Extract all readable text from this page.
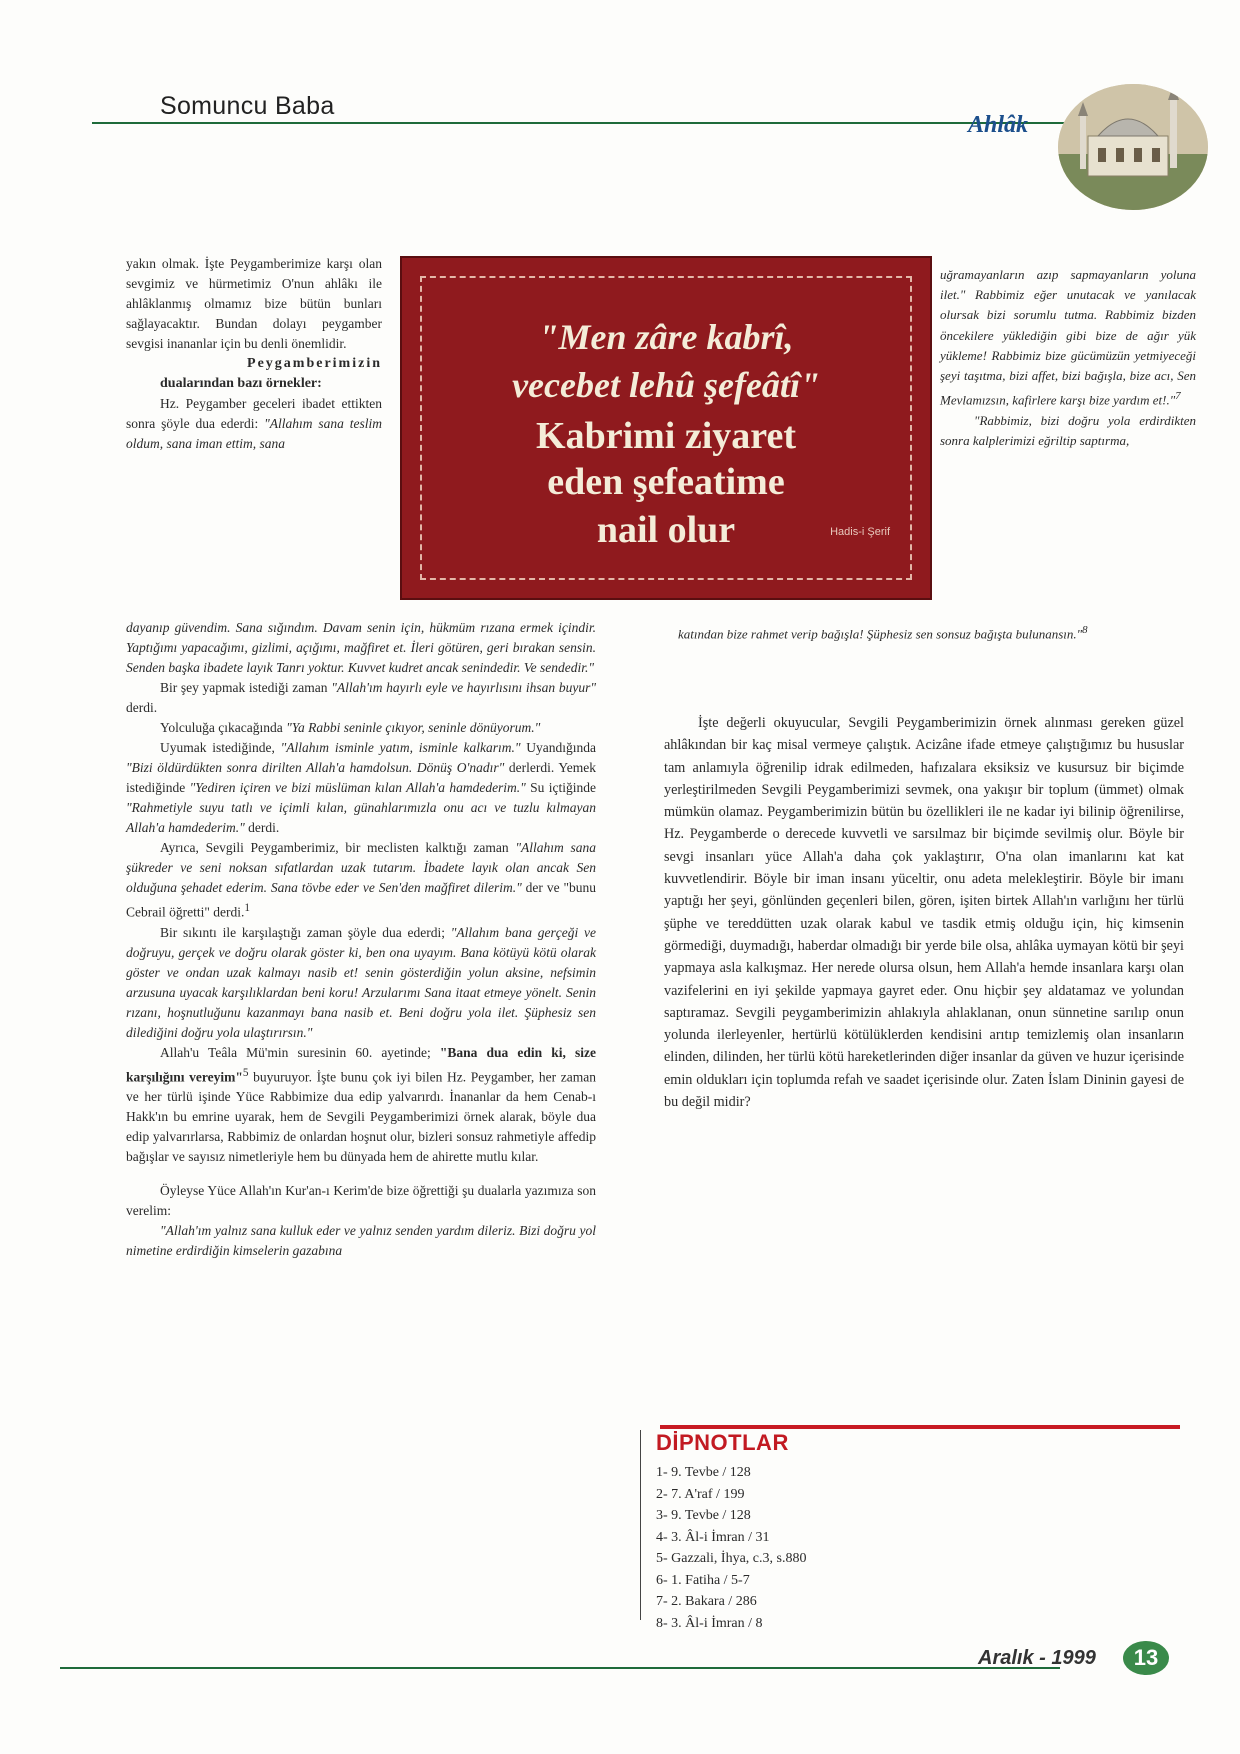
Somuncu Baba
Ahlâk

yakın olmak. İşte Peygamberimize karşı olan sevgimiz ve hürmetimiz O'nun ahlâkı ile ahlâklanmış olmamız bize bütün bunları sağlayacaktır. Bundan dolayı peygamber sevgisi inananlar için bu denli önemlidir.

Peygamberimizin

dualarından bazı örnekler:

Hz. Peygamber geceleri ibadet ettikten sonra şöyle dua ederdi: "Allahım sana teslim oldum, sana iman ettim, sana

"Men zâre kabrî,
vecebet lehû şefeâtî"
Kabrimi ziyaret
eden şefeatime
nail olur	Hadis-i Şerif

uğramayanların azıp sapmayanların yoluna ilet." Rabbimiz eğer unutacak ve yanılacak olursak bizi sorumlu tutma. Rabbimiz bizden öncekilere yüklediğin gibi bize de ağır yük yükleme! Rabbimiz bize gücümüzün yetmiyeceği şeyi taşıtma, bizi affet, bizi bağışla, bize acı, Sen Mevlamızsın, kafirlere karşı bize yardım et!."$^7$

"Rabbimiz, bizi doğru yola erdirdikten sonra kalplerimizi eğriltip saptırma,

katından bize rahmet verip bağışla! Şüphesiz sen sonsuz bağışta bulunansın."$^8$

dayanıp güvendim. Sana sığındım. Davam senin için, hükmüm rızana ermek içindir. Yaptığımı yapacağımı, gizlimi, açığımı, mağfiret et. İleri götüren, geri bırakan sensin. Senden başka ibadete layık Tanrı yoktur. Kuvvet kudret ancak senindedir. Ve sendedir."

Bir şey yapmak istediği zaman "Allah'ım hayırlı eyle ve hayırlısını ihsan buyur" derdi.

Yolculuğa çıkacağında "Ya Rabbi seninle çıkıyor, seninle dönüyorum."

Uyumak istediğinde, "Allahım isminle yatım, isminle kalkarım." Uyandığında "Bizi öldürdükten sonra dirilten Allah'a hamdolsun. Dönüş O'nadır" derlerdi. Yemek istediğinde "Yediren içiren ve bizi müslüman kılan Allah'a hamdederim." Su içtiğinde "Rahmetiyle suyu tatlı ve içimli kılan, günahlarımızla onu acı ve tuzlu kılmayan Allah'a hamdederim." derdi.

Ayrıca, Sevgili Peygamberimiz, bir meclisten kalktığı zaman "Allahım sana şükreder ve seni noksan sıfatlardan uzak tutarım. İbadete layık olan ancak Sen olduğuna şehadet ederim. Sana tövbe eder ve Sen'den mağfiret dilerim." der ve "bunu Cebrail öğretti" derdi.$^1$

Bir sıkıntı ile karşılaştığı zaman şöyle dua ederdi; "Allahım bana gerçeği ve doğruyu, gerçek ve doğru olarak göster ki, ben ona uyayım. Bana kötüyü kötü olarak göster ve ondan uzak kalmayı nasib et! senin gösterdiğin yolun aksine, nefsimin arzusuna uyacak karşılıklardan beni koru! Arzularımı Sana itaat etmeye yönelt. Senin rızanı, hoşnutluğunu kazanmayı bana nasib et. Beni doğru yola ilet. Şüphesiz sen dilediğini doğru yola ulaştırırsın."

Allah'u Teâla Mü'min suresinin 60. ayetinde; "Bana dua edin ki, size karşılığını vereyim"$^5$ buyuruyor. İşte bunu çok iyi bilen Hz. Peygamber, her zaman ve her türlü işinde Yüce Rabbimize dua edip yalvarırdı. İnananlar da hem Cenab-ı Hakk'ın bu emrine uyarak, hem de Sevgili Peygamberimizi örnek alarak, böyle dua edip yalvarırlarsa, Rabbimiz de onlardan hoşnut olur, bizleri sonsuz rahmetiyle affedip bağışlar ve sayısız nimetleriyle hem bu dünyada hem de ahirette mutlu kılar.

Öyleyse Yüce Allah'ın Kur'an-ı Kerim'de bize öğrettiği şu dualarla yazımıza son verelim:

"Allah'ım yalnız sana kulluk eder ve yalnız senden yardım dileriz. Bizi doğru yol nimetine erdirdiğin kimselerin gazabına

İşte değerli okuyucular, Sevgili Peygamberimizin örnek alınması gereken güzel ahlâkından bir kaç misal vermeye çalıştık. Acizâne ifade etmeye çalıştığımız bu hususlar tam anlamıyla öğrenilip idrak edilmeden, hafızalara eksiksiz ve kusursuz bir biçimde yerleştirilmeden Sevgili Peygamberimizi sevmek, ona yakışır bir toplum (ümmet) olmak mümkün olamaz. Peygamberimizin bütün bu özellikleri ile ne kadar iyi bilinip öğrenilirse, Hz. Peygamberde o derecede kuvvetli ve sarsılmaz bir biçimde sevilmiş olur. Böyle bir sevgi insanları yüce Allah'a daha çok yaklaştırır, O'na olan imanlarını kat kat kuvvetlendirir. Böyle bir iman insanı yüceltir, onu adeta melekleştirir. Böyle bir imanı yaptığı her şeyi, gönlünden geçenleri bilen, gören, işiten birtek Allah'ın varlığını her türlü şüphe ve tereddütten uzak olarak kabul ve tasdik etmiş olduğu için, hiç kimsenin görmediği, duymadığı, haberdar olmadığı bir yerde bile olsa, ahlâka uymayan kötü bir şeyi yapmaya asla kalkışmaz. Her nerede olursa olsun, hem Allah'a hemde insanlara karşı olan vazifelerini en iyi şekilde yapmaya gayret eder. Onu hiçbir şey aldatamaz ve yolundan saptıramaz. Sevgili peygamberimizin ahlakıyla ahlaklanan, onun sünnetine sarılıp onun yolunda ilerleyenler, hertürlü kötülüklerden kendisini arıtıp temizlemiş olan insanların elinden, dilinden, her türlü kötü hareketlerinden diğer insanlar da güven ve huzur içerisinde emin oldukları için toplumda refah ve saadet içerisinde olur. Zaten İslam Dininin gayesi de bu değil midir?

DİPNOTLAR
1- 9. Tevbe / 128
2- 7. A'raf / 199
3- 9. Tevbe / 128
4- 3. Âl-i İmran / 31
5- Gazzali, İhya, c.3, s.880
6- 1. Fatiha / 5-7
7- 2. Bakara / 286
8- 3. Âl-i İmran / 8
Aralık - 1999	13
